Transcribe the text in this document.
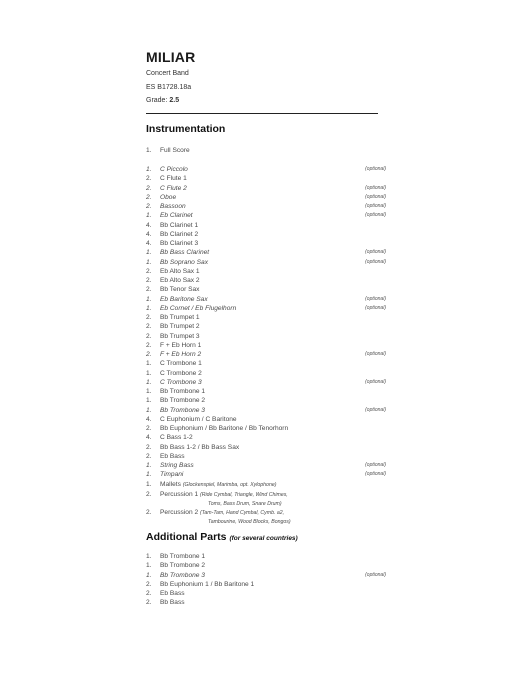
MILIAR
Concert Band
ES B1728.18a
Grade: 2.5
Instrumentation
1.	Full Score
1.	C Piccolo	(optional)
2.	C Flute 1
2.	C Flute 2	(optional)
2.	Oboe	(optional)
2.	Bassoon	(optional)
1.	Eb Clarinet	(optional)
4.	Bb Clarinet 1
4.	Bb Clarinet 2
4.	Bb Clarinet 3
1.	Bb Bass Clarinet	(optional)
1.	Bb Soprano Sax	(optional)
2.	Eb Alto Sax 1
2.	Eb Alto Sax 2
2.	Bb Tenor Sax
1.	Eb Baritone Sax	(optional)
1.	Eb Cornet / Eb Flugelhorn	(optional)
2.	Bb Trumpet 1
2.	Bb Trumpet 2
2.	Bb Trumpet 3
2.	F + Eb Horn 1
2.	F + Eb Horn 2	(optional)
1.	C Trombone 1
1.	C Trombone 2
1.	C Trombone 3	(optional)
1.	Bb Trombone 1
1.	Bb Trombone 2
1.	Bb Trombone 3	(optional)
4.	C Euphonium / C Baritone
2.	Bb Euphonium / Bb Baritone / Bb Tenorhorn
4.	C Bass 1-2
2.	Bb Bass 1-2 / Bb Bass Sax
2.	Eb Bass
1.	String Bass	(optional)
1.	Timpani	(optional)
1.	Mallets (Glockenspiel, Marimba, opt. Xylophone)
2.	Percussion 1 (Ride Cymbal, Triangle, Wind Chimes,
Toms, Bass Drum, Snare Drum)
2.	Percussion 2 (Tam-Tam, Hand Cymbal, Cymb. a2,
Tambourine, Wood Blocks, Bongos)
Additional Parts (for several countries)
1.	Bb Trombone 1
1.	Bb Trombone 2
1.	Bb Trombone 3	(optional)
2.	Bb Euphonium 1 / Bb Baritone 1
2.	Eb Bass
2.	Bb Bass
